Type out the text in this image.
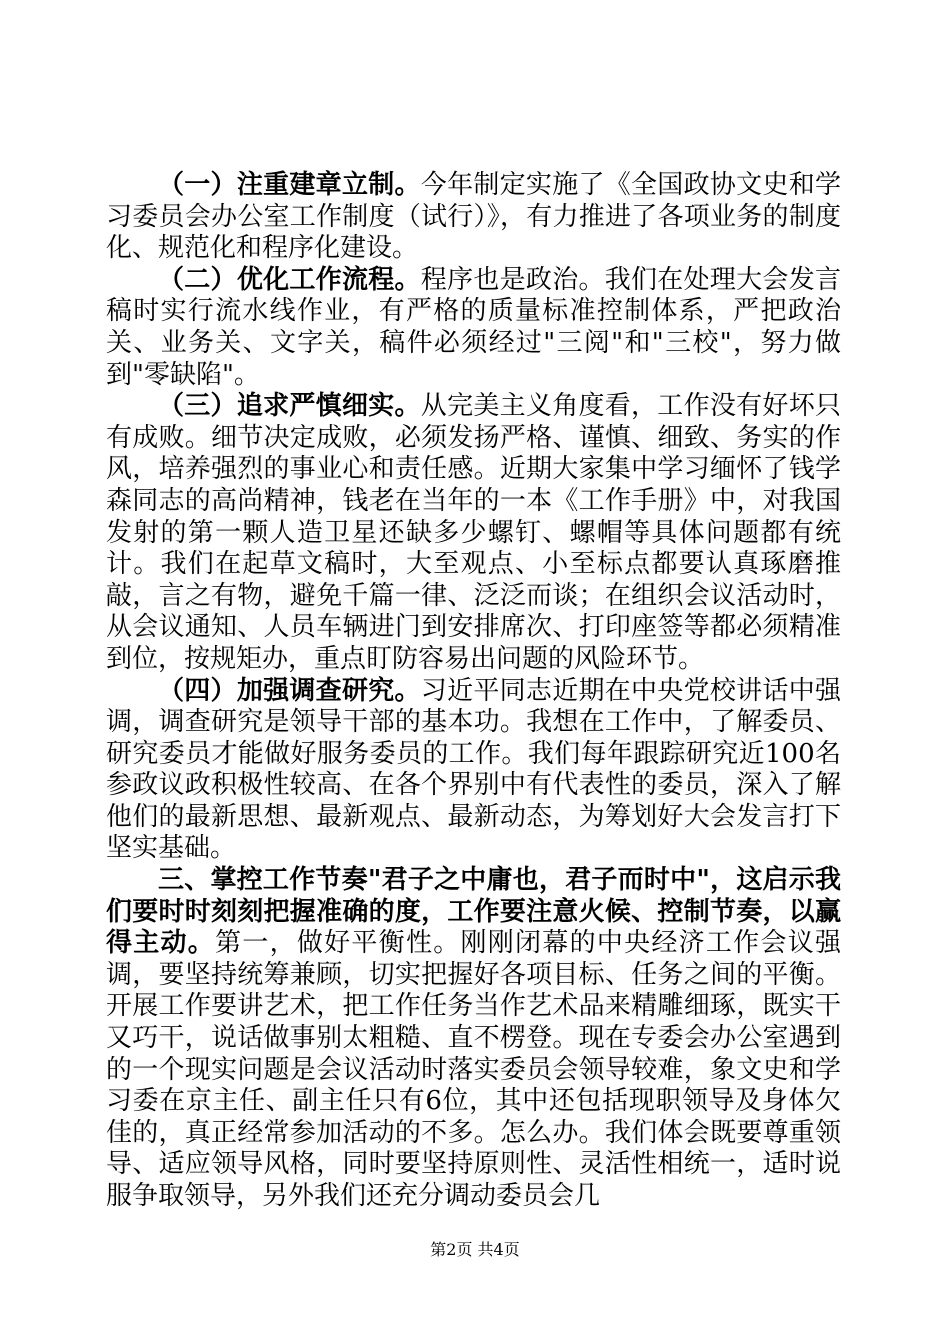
（一）注重建章立制。今年制定实施了《全国政协文史和学习委员会办公室工作制度（试行）》，有力推进了各项业务的制度化、规范化和程序化建设。

（二）优化工作流程。程序也是政治。我们在处理大会发言稿时实行流水线作业，有严格的质量标准控制体系，严把政治关、业务关、文字关，稿件必须经过"三阅"和"三校"，努力做到"零缺陷"。

（三）追求严慎细实。从完美主义角度看，工作没有好坏只有成败。细节决定成败，必须发扬严格、谨慎、细致、务实的作风，培养强烈的事业心和责任感。近期大家集中学习缅怀了钱学森同志的高尚精神，钱老在当年的一本《工作手册》中，对我国发射的第一颗人造卫星还缺多少螺钉、螺帽等具体问题都有统计。我们在起草文稿时，大至观点、小至标点都要认真琢磨推敲，言之有物，避免千篇一律、泛泛而谈；在组织会议活动时，从会议通知、人员车辆进门到安排席次、打印座签等都必须精准到位，按规矩办，重点盯防容易出问题的风险环节。

（四）加强调查研究。习近平同志近期在中央党校讲话中强调，调查研究是领导干部的基本功。我想在工作中，了解委员、研究委员才能做好服务委员的工作。我们每年跟踪研究近100名参政议政积极性较高、在各个界别中有代表性的委员，深入了解他们的最新思想、最新观点、最新动态，为筹划好大会发言打下坚实基础。

三、掌控工作节奏"君子之中庸也，君子而时中"，这启示我们要时时刻刻把握准确的度，工作要注意火候、控制节奏，以赢得主动。第一，做好平衡性。刚刚闭幕的中央经济工作会议强调，要坚持统筹兼顾，切实把握好各项目标、任务之间的平衡。开展工作要讲艺术，把工作任务当作艺术品来精雕细琢，既实干又巧干，说话做事别太粗糙、直不楞登。现在专委会办公室遇到的一个现实问题是会议活动时落实委员会领导较难，象文史和学习委在京主任、副主任只有6位，其中还包括现职领导及身体欠佳的，真正经常参加活动的不多。怎么办。我们体会既要尊重领导、适应领导风格，同时要坚持原则性、灵活性相统一，适时说服争取领导，另外我们还充分调动委员会几

第2页 共4页
